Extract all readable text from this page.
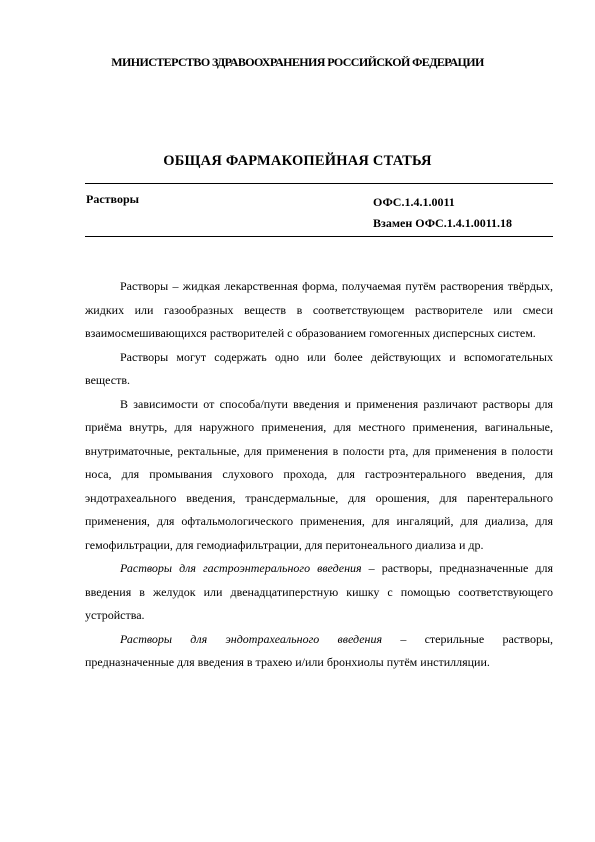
МИНИСТЕРСТВО ЗДРАВООХРАНЕНИЯ РОССИЙСКОЙ ФЕДЕРАЦИИ
ОБЩАЯ ФАРМАКОПЕЙНАЯ СТАТЬЯ
Растворы	ОФС.1.4.1.0011
Взамен ОФС.1.4.1.0011.18

Растворы – жидкая лекарственная форма, получаемая путём растворения твёрдых, жидких или газообразных веществ в соответствующем растворителе или смеси взаимосмешивающихся растворителей с образованием гомогенных дисперсных систем.

Растворы могут содержать одно или более действующих и вспомогательных веществ.

В зависимости от способа/пути введения и применения различают растворы для приёма внутрь, для наружного применения, для местного применения, вагинальные, внутриматочные, ректальные, для применения в полости рта, для применения в полости носа, для промывания слухового прохода, для гастроэнтерального введения, для эндотрахеального введения, трансдермальные, для орошения, для парентерального применения, для офтальмологического применения, для ингаляций, для диализа, для гемофильтрации, для гемодиафильтрации, для перитонеального диализа и др.

Растворы для гастроэнтерального введения – растворы, предназначенные для введения в желудок или двенадцатиперстную кишку с помощью соответствующего устройства.

Растворы для эндотрахеального введения – стерильные растворы, предназначенные для введения в трахею и/или бронхиолы путём инстилляции.
